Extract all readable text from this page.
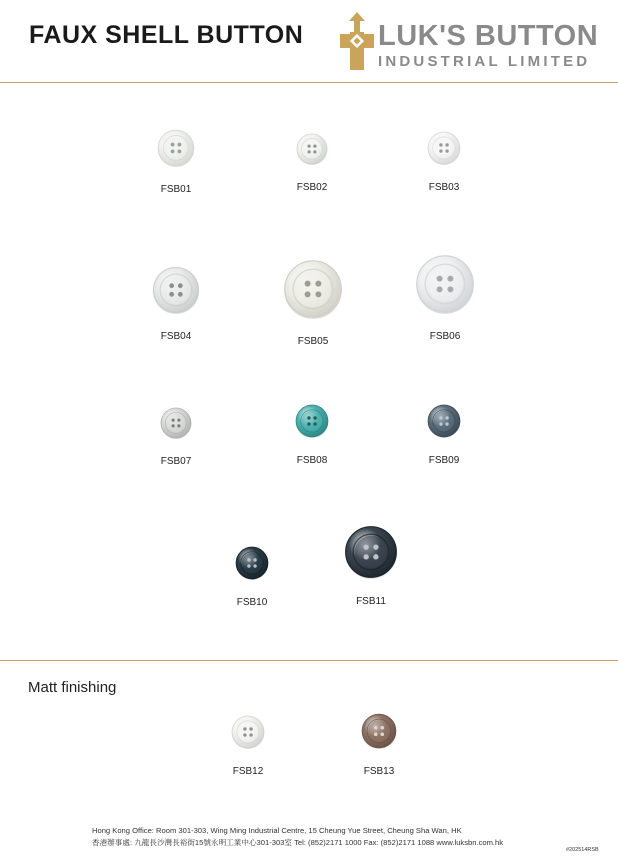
FAUX SHELL BUTTON	LUK'S BUTTON
INDUSTRIAL LIMITED
FSB01	FSB02	FSB03
FSB04	FSB05	FSB06
FSB07	FSB08	FSB09
FSB10	FSB11
Matt finishing
FSB12	FSB13
Hong Kong Office: Room 301-303, Wing Ming Industrial Centre, 15 Cheung Yue Street, Cheung Sha Wan, HK
香港辦事處: 九龍長沙灣長裕街15號永明工業中心301-303室 Tel: (852)2171 1000 Fax: (852)2171 1088 www.luksbn.com.hk
#202514RSB
